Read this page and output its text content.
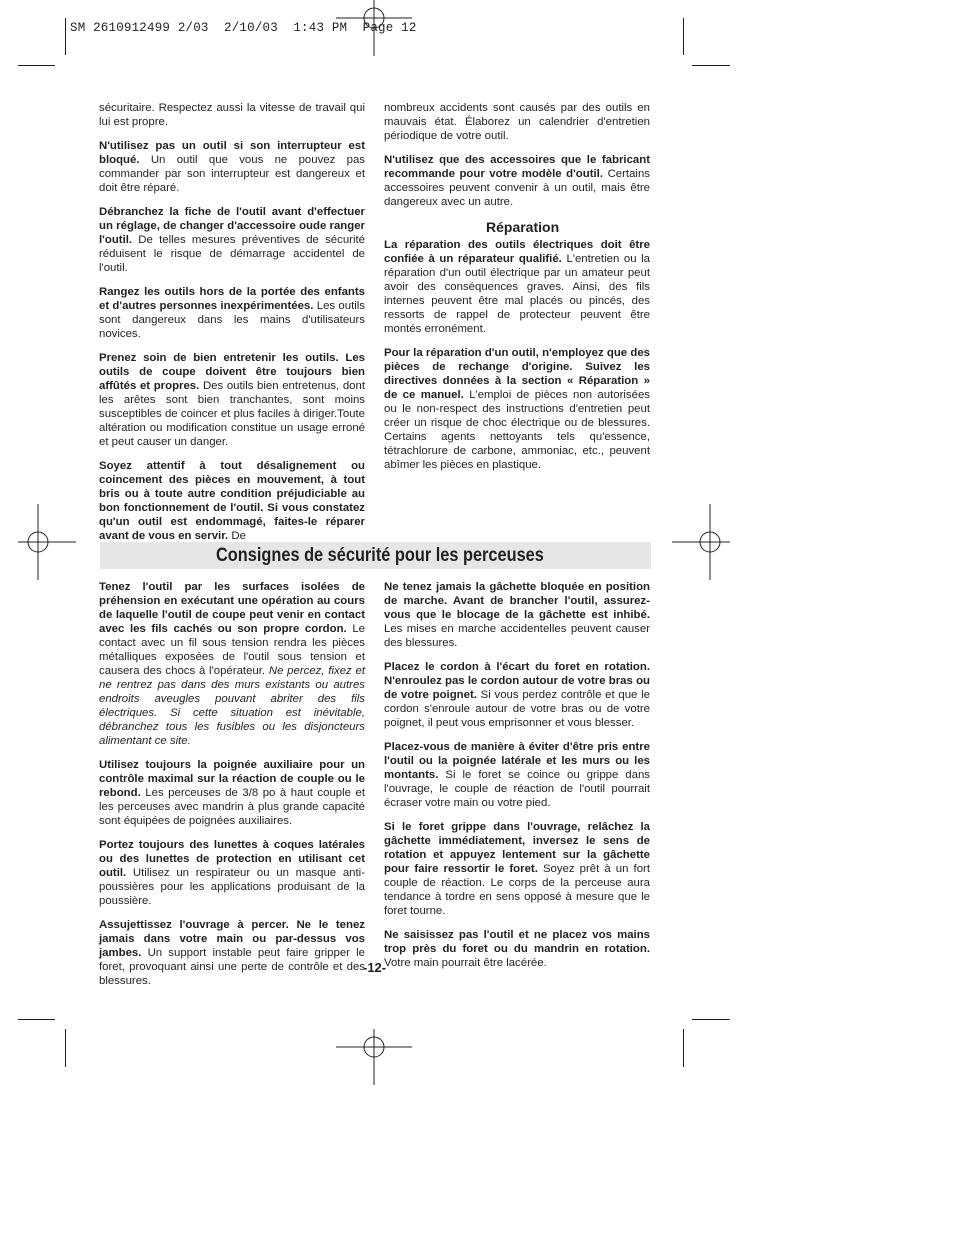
SM 2610912499 2/03  2/10/03  1:43 PM  Page 12

sécuritaire. Respectez aussi la vitesse de travail qui lui est propre.

N'utilisez pas un outil si son interrupteur est bloqué. Un outil que vous ne pouvez pas commander par son interrupteur est dangereux et doit être réparé.

Débranchez la fiche de l'outil avant d'effectuer un réglage, de changer d'accessoire oude ranger l'outil. De telles mesures préventives de sécurité réduisent le risque de démarrage accidentel de l'outil.

Rangez les outils hors de la portée des enfants et d'autres personnes inexpérimentées. Les outils sont dangereux dans les mains d'utilisateurs novices.

Prenez soin de bien entretenir les outils. Les outils de coupe doivent être toujours bien affûtés et propres. Des outils bien entretenus, dont les arêtes sont bien tranchantes, sont moins susceptibles de coincer et plus faciles à diriger.Toute altération ou modification constitue un usage erroné et peut causer un danger.

Soyez attentif à tout désalignement ou coincement des pièces en mouvement, à tout bris ou à toute autre condition préjudiciable au bon fonctionnement de l'outil. Si vous constatez qu'un outil est endommagé, faites-le réparer avant de vous en servir. De

nombreux accidents sont causés par des outils en mauvais état. Élaborez un calendrier d'entretien périodique de votre outil.

N'utilisez que des accessoires que le fabricant recommande pour votre modèle d'outil. Certains accessoires peuvent convenir à un outil, mais être dangereux avec un autre.

Réparation

La réparation des outils électriques doit être confiée à un réparateur qualifié. L'entretien ou la réparation d'un outil électrique par un amateur peut avoir des conséquences graves. Ainsi, des fils internes peuvent être mal placés ou pincés, des ressorts de rappel de protecteur peuvent être montés erronément.

Pour la réparation d'un outil, n'employez que des pièces de rechange d'origine. Suivez les directives données à la section « Réparation » de ce manuel. L'emploi de pièces non autorisées ou le non-respect des instructions d'entretien peut créer un risque de choc électrique ou de blessures. Certains agents nettoyants tels qu'essence, tétrachlorure de carbone, ammoniac, etc., peuvent abîmer les pièces en plastique.

Consignes de sécurité pour les perceuses

Tenez l'outil par les surfaces isolées de préhension en exécutant une opération au cours de laquelle l'outil de coupe peut venir en contact avec les fils cachés ou son propre cordon. Le contact avec un fil sous tension rendra les pièces métalliques exposées de l'outil sous tension et causera des chocs à l'opérateur. Ne percez, fixez et ne rentrez pas dans des murs existants ou autres endroits aveugles pouvant abriter des fils électriques. Si cette situation est inévitable, débranchez tous les fusibles ou les disjoncteurs alimentant ce site.

Utilisez toujours la poignée auxiliaire pour un contrôle maximal sur la réaction de couple ou le rebond. Les perceuses de 3/8 po à haut couple et les perceuses avec mandrin à plus grande capacité sont équipées de poignées auxiliaires.

Portez toujours des lunettes à coques latérales ou des lunettes de protection en utilisant cet outil. Utilisez un respirateur ou un masque anti-poussières pour les applications produisant de la poussière.

Assujettissez l'ouvrage à percer. Ne le tenez jamais dans votre main ou par-dessus vos jambes. Un support instable peut faire gripper le foret, provoquant ainsi une perte de contrôle et des blessures.

Ne tenez jamais la gâchette bloquée en position de marche. Avant de brancher l'outil, assurez-vous que le blocage de la gâchette est inhibé. Les mises en marche accidentelles peuvent causer des blessures.

Placez le cordon à l'écart du foret en rotation. N'enroulez pas le cordon autour de votre bras ou de votre poignet. Si vous perdez contrôle et que le cordon s'enroule autour de votre bras ou de votre poignet, il peut vous emprisonner et vous blesser.

Placez-vous de manière à éviter d'être pris entre l'outil ou la poignée latérale et les murs ou les montants. Si le foret se coince ou grippe dans l'ouvrage, le couple de réaction de l'outil pourrait écraser votre main ou votre pied.

Si le foret grippe dans l'ouvrage, relâchez la gâchette immédiatement, inversez le sens de rotation et appuyez lentement sur la gâchette pour faire ressortir le foret. Soyez prêt à un fort couple de réaction. Le corps de la perceuse aura tendance à tordre en sens opposé à mesure que le foret tourne.

Ne saisissez pas l'outil et ne placez vos mains trop près du foret ou du mandrin en rotation. Votre main pourrait être lacérée.

-12-
